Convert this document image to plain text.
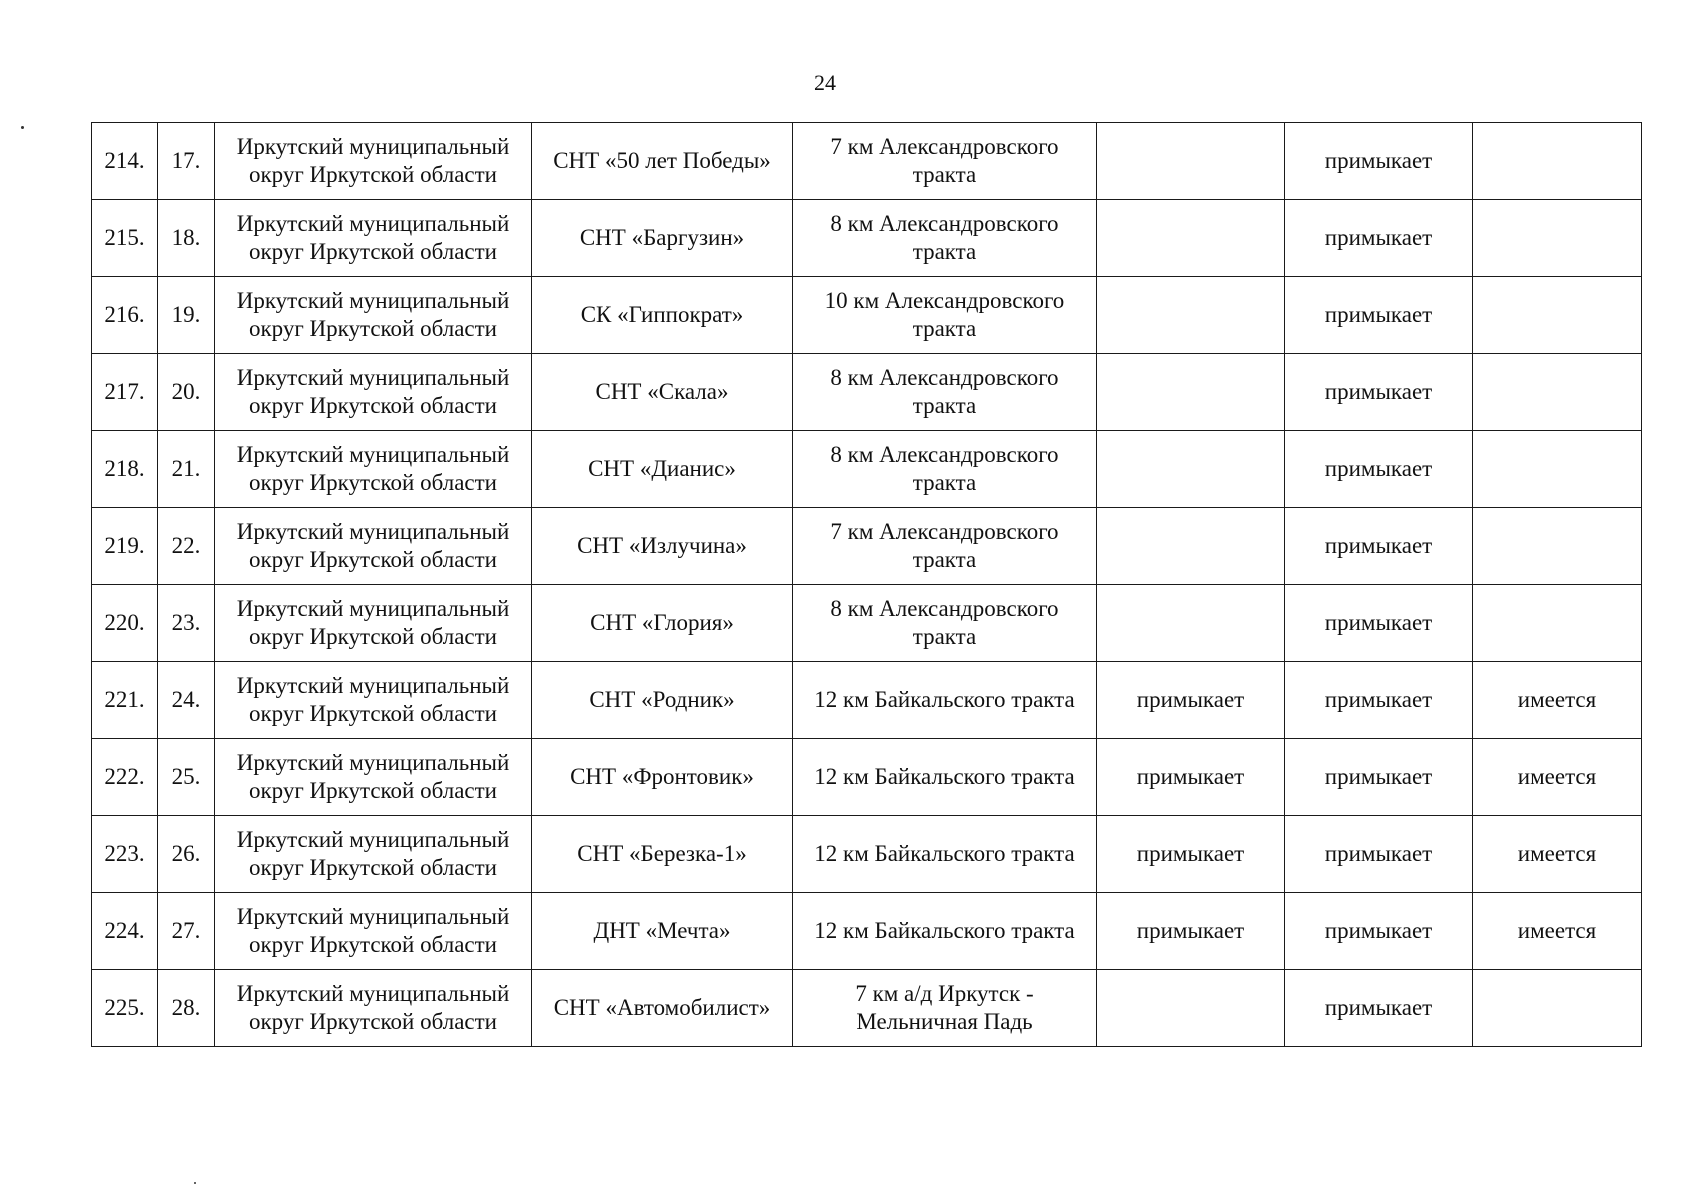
24
214.	17.	Иркутский муниципальный округ Иркутской области	СНТ «50 лет Победы»	7 км Александровского тракта		примыкает	
215.	18.	Иркутский муниципальный округ Иркутской области	СНТ «Баргузин»	8 км Александровского тракта		примыкает	
216.	19.	Иркутский муниципальный округ Иркутской области	СК «Гиппократ»	10 км Александровского тракта		примыкает	
217.	20.	Иркутский муниципальный округ Иркутской области	СНТ «Скала»	8 км Александровского тракта		примыкает	
218.	21.	Иркутский муниципальный округ Иркутской области	СНТ «Дианис»	8 км Александровского тракта		примыкает	
219.	22.	Иркутский муниципальный округ Иркутской области	СНТ «Излучина»	7 км Александровского тракта		примыкает	
220.	23.	Иркутский муниципальный округ Иркутской области	СНТ «Глория»	8 км Александровского тракта		примыкает	
221.	24.	Иркутский муниципальный округ Иркутской области	СНТ «Родник»	12 км Байкальского тракта	примыкает	примыкает	имеется
222.	25.	Иркутский муниципальный округ Иркутской области	СНТ «Фронтовик»	12 км Байкальского тракта	примыкает	примыкает	имеется
223.	26.	Иркутский муниципальный округ Иркутской области	СНТ «Березка-1»	12 км Байкальского тракта	примыкает	примыкает	имеется
224.	27.	Иркутский муниципальный округ Иркутской области	ДНТ «Мечта»	12 км Байкальского тракта	примыкает	примыкает	имеется
225.	28.	Иркутский муниципальный округ Иркутской области	СНТ «Автомобилист»	7 км а/д Иркутск - Мельничная Падь		примыкает	
